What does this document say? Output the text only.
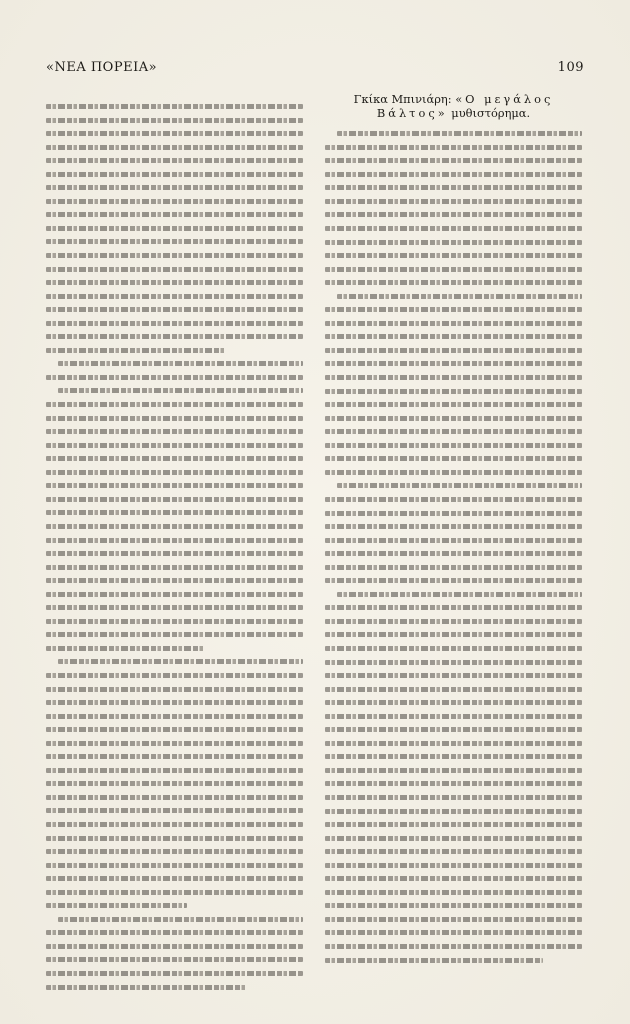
«ΝΕΑ ΠΟΡΕΙΑ»	109
Γκίκα Μπινιάρη: «Ο μεγάλος Βάλτος» μυθιστόρημα.
